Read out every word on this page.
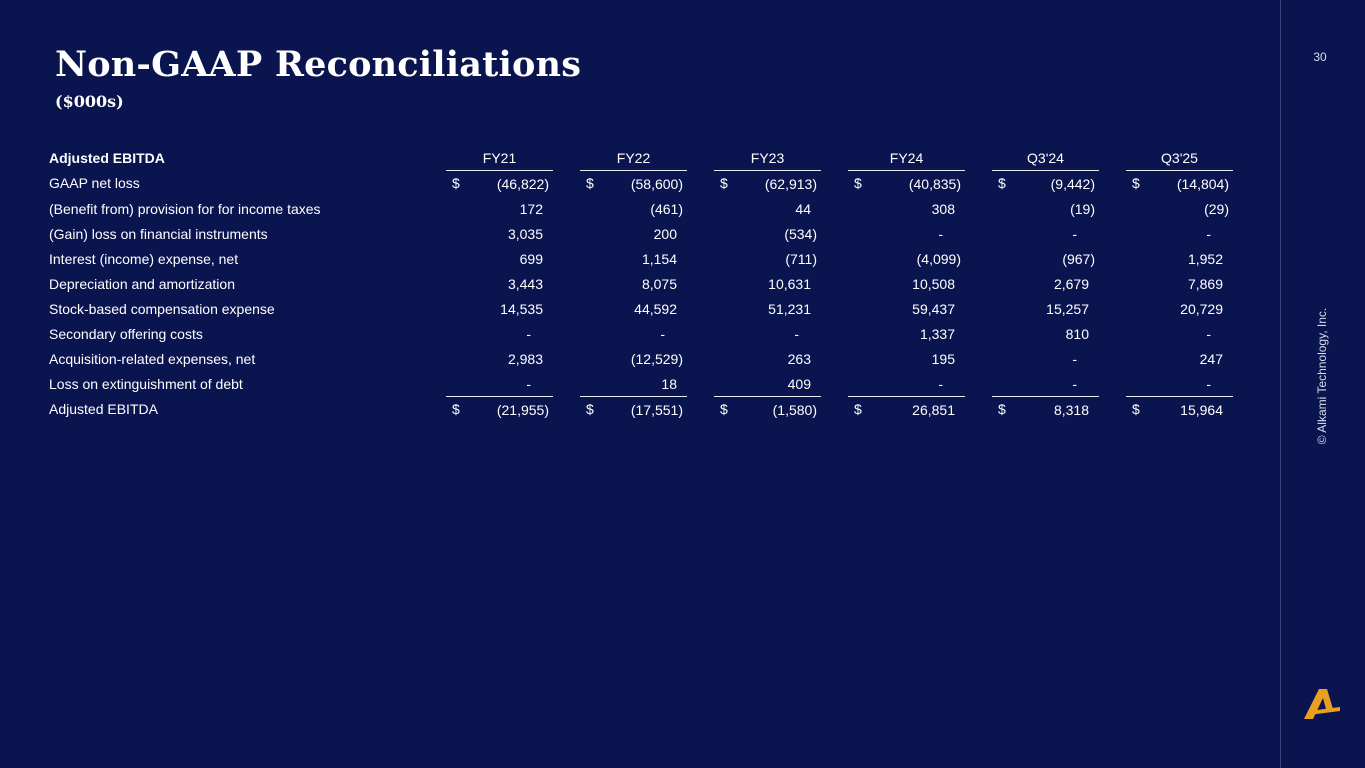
Non-GAAP Reconciliations
($000s)
30
© Alkami Technology, Inc.
Adjusted EBITDA	FY21		FY22		FY23		FY24		Q3'24		Q3'25
GAAP net loss	$ (46,822)		$ (58,600)		$ (62,913)		$ (40,835)		$ (9,442)		$ (14,804)

(Benefit from) provision for for income taxes	172		(461)		44		308		(19)		(29)

(Gain) loss on financial instruments	3,035		200		(534)		-		-		-

Interest (income) expense, net	699		1,154		(711)		(4,099)		(967)		1,952

Depreciation and amortization	3,443		8,075		10,631		10,508		2,679		7,869

Stock-based compensation expense	14,535		44,592		51,231		59,437		15,257		20,729

Secondary offering costs	-		-		-		1,337		810		-

Acquisition-related expenses, net	2,983		(12,529)		263		195		-		247

Loss on extinguishment of debt	-		18		409		-		-		-

Adjusted EBITDA	$ (21,955)		$ (17,551)		$ (1,580)		$ 26,851		$ 8,318		$ 15,964
